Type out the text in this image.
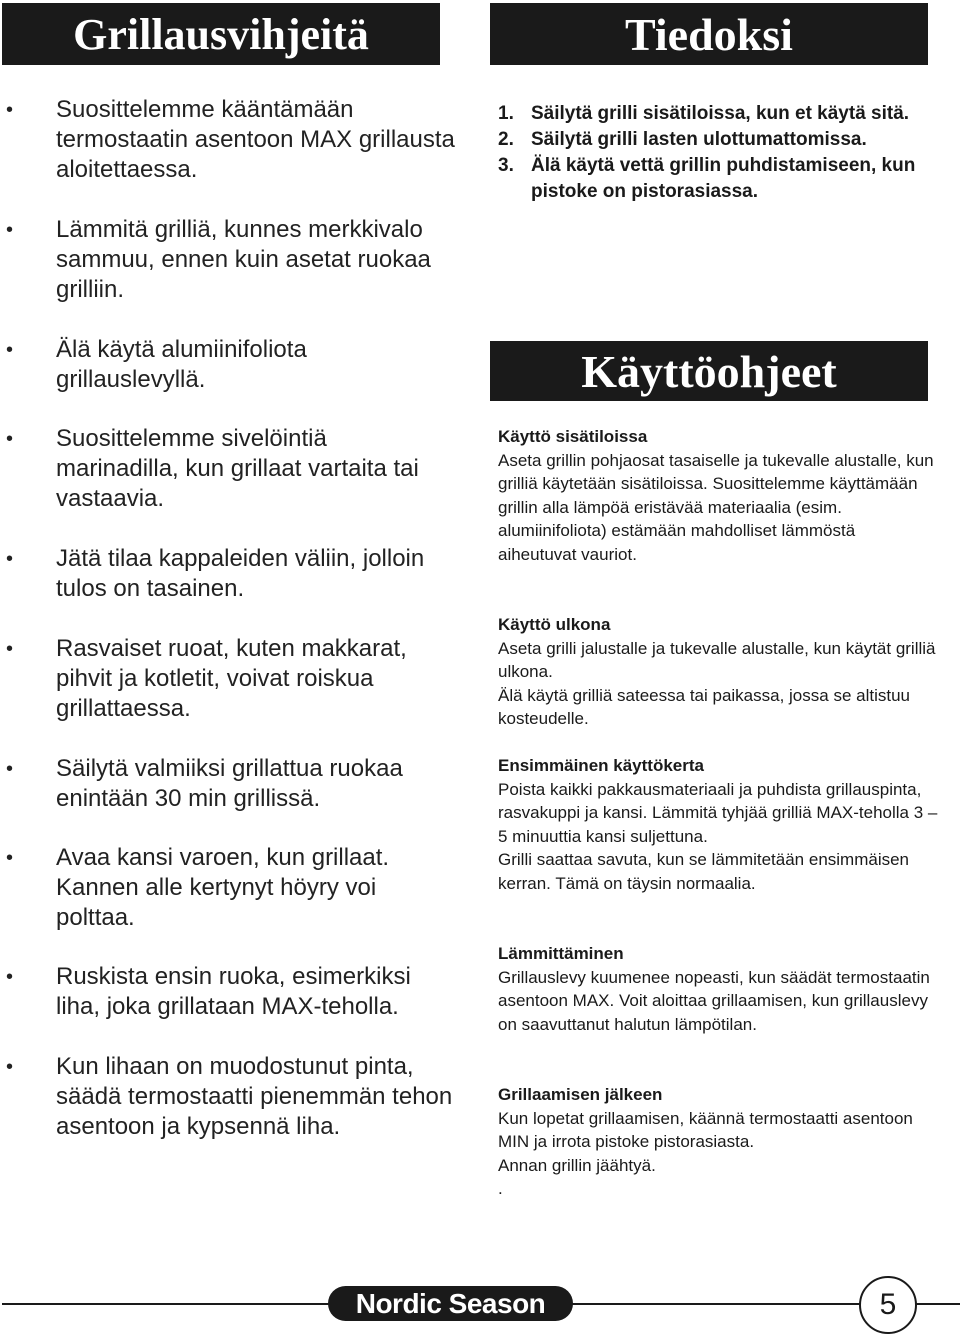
Grillausvihjeitä
• Suosittelemme kääntämään termostaatin asentoon MAX grillausta aloitettaessa.
• Lämmitä grilliä, kunnes merkkivalo sammuu, ennen kuin asetat ruokaa grilliin.
• Älä käytä alumiinifoliota grillauslevyllä.
• Suosittelemme sivelöintiä marinadilla, kun grillaat vartaita tai vastaavia.
• Jätä tilaa kappaleiden väliin, jolloin tulos on tasainen.
• Rasvaiset ruoat, kuten makkarat, pihvit ja kotletit, voivat roiskua grillattaessa.
• Säilytä valmiiksi grillattua ruokaa enintään 30 min grillissä.
• Avaa kansi varoen, kun grillaat. Kannen alle kertynyt höyry voi polttaa.
• Ruskista ensin ruoka, esimerkiksi liha, joka grillataan MAX-teholla.
• Kun lihaan on muodostunut pinta, säädä termostaatti pienemmän tehon asentoon ja kypsennä liha.
Tiedoksi
1. Säilytä grilli sisätiloissa, kun et käytä sitä.
2. Säilytä grilli lasten ulottumattomissa.
3. Älä käytä vettä grillin puhdistamiseen, kun pistoke on pistorasiassa.
Käyttöohjeet
Käyttö sisätiloissa
Aseta grillin pohjaosat tasaiselle ja tukevalle alustalle, kun grilliä käytetään sisätiloissa. Suosittelemme käyttämään grillin alla lämpöä eristävää materiaalia (esim. alumiinifoliota) estämään mahdolliset lämmöstä aiheutuvat vauriot.
Käyttö ulkona
Aseta grilli jalustalle ja tukevalle alustalle, kun käytät grilliä ulkona.
Älä käytä grilliä sateessa tai paikassa, jossa se altistuu kosteudelle.
Ensimmäinen käyttökerta
Poista kaikki pakkausmateriaali ja puhdista grillauspinta, rasvakuppi ja kansi. Lämmitä tyhjää grilliä MAX-teholla 3 – 5 minuuttia kansi suljettuna.
Grilli saattaa savuta, kun se lämmitetään ensimmäisen kerran. Tämä on täysin normaalia.
Lämmittäminen
Grillauslevy kuumenee nopeasti, kun säädät termostaatin asentoon MAX. Voit aloittaa grillaamisen, kun grillauslevy on saavuttanut halutun lämpötilan.
Grillaamisen jälkeen
Kun lopetat grillaamisen, käännä termostaatti asentoon MIN ja irrota pistoke pistorasiasta.
Annan grillin jäähtyä.
.
Nordic Season	5
